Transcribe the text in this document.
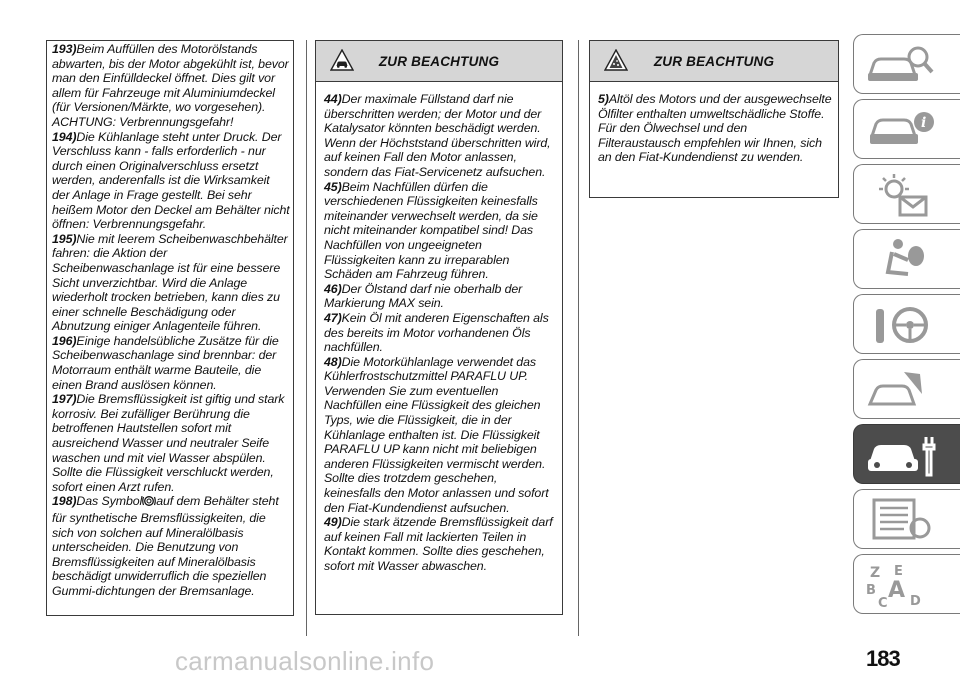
193)Beim Auffüllen des Motorölstands abwarten, bis der Motor abgekühlt ist, bevor man den Einfülldeckel öffnet. Dies gilt vor allem für Fahrzeuge mit Aluminiumdeckel (für Versionen/Märkte, wo vorgesehen). ACHTUNG: Verbrennungsgefahr!

194)Die Kühlanlage steht unter Druck. Der Verschluss kann - falls erforderlich - nur durch einen Originalverschluss ersetzt werden, anderenfalls ist die Wirksamkeit der Anlage in Frage gestellt. Bei sehr heißem Motor den Deckel am Behälter nicht öffnen: Verbrennungsgefahr.

195)Nie mit leerem Scheibenwaschbehälter fahren: die Aktion der Scheibenwaschanlage ist für eine bessere Sicht unverzichtbar. Wird die Anlage wiederholt trocken betrieben, kann dies zu einer schnelle Beschädigung oder Abnutzung einiger Anlagenteile führen.

196)Einige handelsübliche Zusätze für die Scheibenwaschanlage sind brennbar: der Motorraum enthält warme Bauteile, die einen Brand auslösen können.

197)Die Bremsflüssigkeit ist giftig und stark korrosiv. Bei zufälliger Berührung die betroffenen Hautstellen sofort mit ausreichend Wasser und neutraler Seife waschen und mit viel Wasser abspülen. Sollte die Flüssigkeit verschluckt werden, sofort einen Arzt rufen.

198)Das Symbol auf dem Behälter steht für synthetische Bremsflüssigkeiten, die sich von solchen auf Mineralölbasis unterscheiden. Die Benutzung von Bremsflüssigkeiten auf Mineralölbasis beschädigt unwiderruflich die speziellen Gummi-dichtungen der Bremsanlage.

ZUR BEACHTUNG

44)Der maximale Füllstand darf nie überschritten werden; der Motor und der Katalysator könnten beschädigt werden. Wenn der Höchststand überschritten wird, auf keinen Fall den Motor anlassen, sondern das Fiat-Servicenetz aufsuchen.

45)Beim Nachfüllen dürfen die verschiedenen Flüssigkeiten keinesfalls miteinander verwechselt werden, da sie nicht miteinander kompatibel sind! Das Nachfüllen von ungeeigneten Flüssigkeiten kann zu irreparablen Schäden am Fahrzeug führen.

46)Der Ölstand darf nie oberhalb der Markierung MAX sein.

47)Kein Öl mit anderen Eigenschaften als des bereits im Motor vorhandenen Öls nachfüllen.

48)Die Motorkühlanlage verwendet das Kühlerfrostschutzmittel PARAFLU UP. Verwenden Sie zum eventuellen Nachfüllen eine Flüssigkeit des gleichen Typs, wie die Flüssigkeit, die in der Kühlanlage enthalten ist. Die Flüssigkeit PARAFLU UP kann nicht mit beliebigen anderen Flüssigkeiten vermischt werden. Sollte dies trotzdem geschehen, keinesfalls den Motor anlassen und sofort den Fiat-Kundendienst aufsuchen.

49)Die stark ätzende Bremsflüssigkeit darf auf keinen Fall mit lackierten Teilen in Kontakt kommen. Sollte dies geschehen, sofort mit Wasser abwaschen.

ZUR BEACHTUNG

5)Altöl des Motors und der ausgewechselte Ölfilter enthalten umweltschädliche Stoffe. Für den Ölwechsel und den Filteraustausch empfehlen wir Ihnen, sich an den Fiat-Kundendienst zu wenden.

i
Z E
B A
C D
183
carmanualsonline.info
